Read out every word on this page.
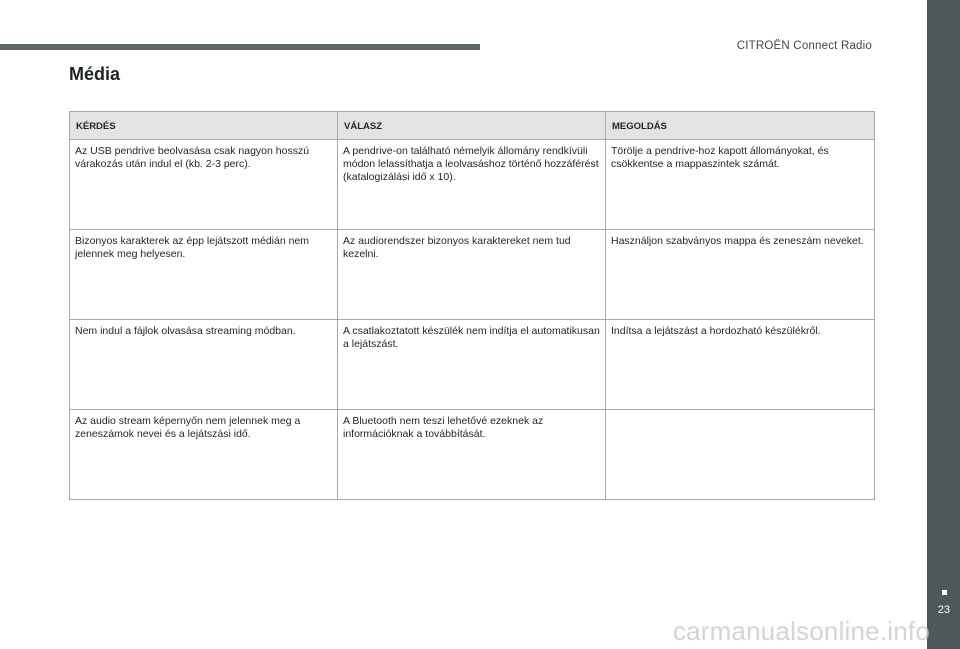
CITROËN Connect Radio
Média
KÉRDÉS	VÁLASZ	MEGOLDÁS
Az USB pendrive beolvasása csak nagyon hosszú várakozás után indul el (kb. 2-3 perc).	A pendrive-on található némelyik állomány rendkívüli módon lelassíthatja a leolvasáshoz történő hozzáférést (katalogizálási idő x 10).	Törölje a pendrive-hoz kapott állományokat, és csökkentse a mappaszintek számát.
Bizonyos karakterek az épp lejátszott médián nem jelennek meg helyesen.	Az audiorendszer bizonyos karaktereket nem tud kezelni.	Használjon szabványos mappa és zeneszám neveket.
Nem indul a fájlok olvasása streaming módban.	A csatlakoztatott készülék nem indítja el automatikusan a lejátszást.	Indítsa a lejátszást a hordozható készülékről.
Az audio stream képernyőn nem jelennek meg a zeneszámok nevei és a lejátszási idő.	A Bluetooth nem teszi lehetővé ezeknek az információknak a továbbítását.	
23
carmanualsonline.info
